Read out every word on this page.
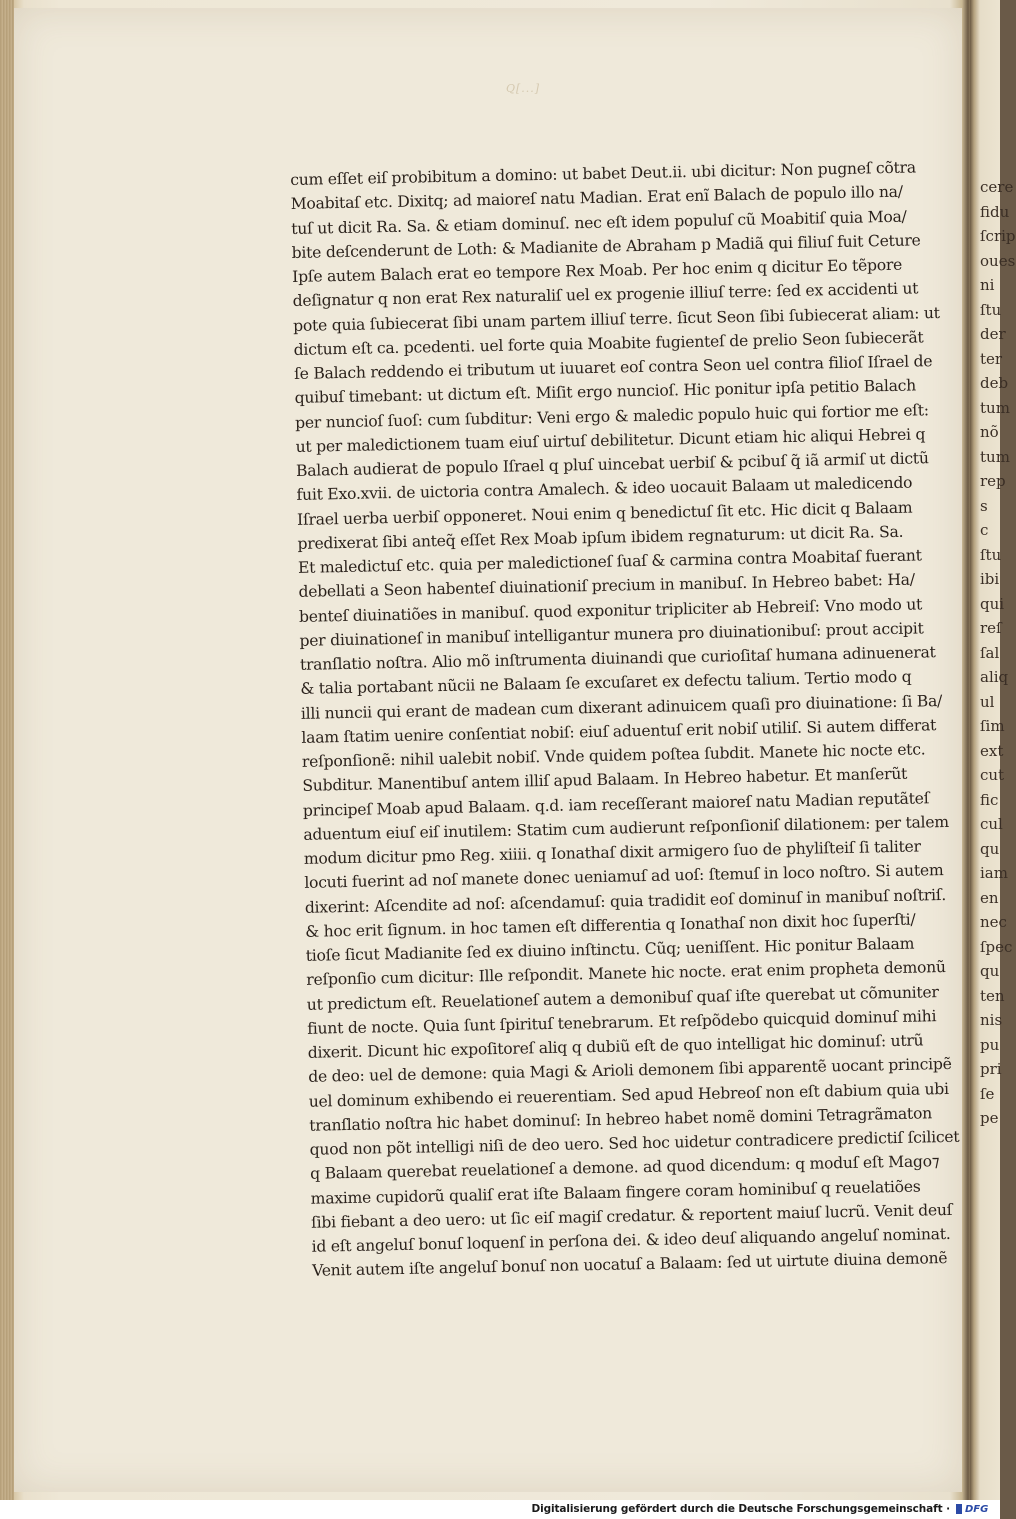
Q[...]
cum eſſet eiſ probibitum a domino: ut babet Deut.ii. ubi dicitur: Non pugneſ cõtra
Moabitaſ etc. Dixitq; ad maioreſ natu Madian. Erat enĩ Balach de populo illo na/
tuſ ut dicit Ra. Sa. & etiam dominuſ. nec eſt idem populuſ cũ Moabitiſ quia Moa/
bite deſcenderunt de Loth: & Madianite de Abraham p Madiã qui filiuſ fuit Ceture
Ipſe autem Balach erat eo tempore Rex Moab. Per hoc enim q dicitur Eo tẽpore
deſignatur q non erat Rex naturaliſ uel ex progenie illiuſ terre: ſed ex accidenti ut
pote quia ſubiecerat ſibi unam partem illiuſ terre. ſicut Seon ſibi ſubiecerat aliam: ut
dictum eſt ca. pcedenti. uel forte quia Moabite fugienteſ de prelio Seon ſubiecerãt
ſe Balach reddendo ei tributum ut iuuaret eoſ contra Seon uel contra filioſ Iſrael de
quibuſ timebant: ut dictum eſt. Miſit ergo nuncioſ. Hic ponitur ipſa petitio Balach
per nuncioſ ſuoſ: cum ſubditur: Veni ergo & maledic populo huic qui fortior me eſt:
ut per maledictionem tuam eiuſ uirtuſ debilitetur. Dicunt etiam hic aliqui Hebrei q
Balach audierat de populo Iſrael q pluſ uincebat uerbiſ & pcibuſ q̃ iã armiſ ut dictũ
fuit Exo.xvii. de uictoria contra Amalech. & ideo uocauit Balaam ut maledicendo
Iſrael uerba uerbiſ opponeret. Noui enim q benedictuſ ſit etc. Hic dicit q Balaam
predixerat ſibi anteq̃ eſſet Rex Moab ipſum ibidem regnaturum: ut dicit Ra. Sa.
Et maledictuſ etc. quia per maledictioneſ ſuaſ & carmina contra Moabitaſ fuerant
debellati a Seon habenteſ diuinationiſ precium in manibuſ. In Hebreo babet: Ha/
benteſ diuinatiões in manibuſ. quod exponitur tripliciter ab Hebreiſ: Vno modo ut
per diuinationeſ in manibuſ intelligantur munera pro diuinationibuſ: prout accipit
tranſlatio noſtra. Alio mõ inſtrumenta diuinandi que curioſitaſ humana adinuenerat
& talia portabant nũcii ne Balaam ſe excuſaret ex defectu talium. Tertio modo q
illi nuncii qui erant de madean cum dixerant adinuicem quaſi pro diuinatione: ſi Ba/
laam ſtatim uenire conſentiat nobiſ: eiuſ aduentuſ erit nobiſ utiliſ. Si autem differat
reſponſionẽ: nihil ualebit nobiſ. Vnde quidem poſtea ſubdit. Manete hic nocte etc.
Subditur. Manentibuſ antem illiſ apud Balaam. In Hebreo habetur. Et manſerũt
principeſ Moab apud Balaam. q.d. iam receſſerant maioreſ natu Madian reputãteſ
aduentum eiuſ eiſ inutilem: Statim cum audierunt reſponſioniſ dilationem: per talem
modum dicitur pmo Reg. xiiii. q Ionathaſ dixit armigero ſuo de phyliſteiſ ſi taliter
locuti fuerint ad noſ manete donec ueniamuſ ad uoſ: ſtemuſ in loco noſtro. Si autem
dixerint: Aſcendite ad noſ: aſcendamuſ: quia tradidit eoſ dominuſ in manibuſ noſtriſ.
& hoc erit ſignum. in hoc tamen eſt differentia q Ionathaſ non dixit hoc ſuperſti/
tioſe ſicut Madianite ſed ex diuino inſtinctu. Cũq; ueniſſent. Hic ponitur Balaam
reſponſio cum dicitur: Ille reſpondit. Manete hic nocte. erat enim propheta demonũ
ut predictum eſt. Reuelationeſ autem a demonibuſ quaſ iſte querebat ut cõmuniter
fiunt de nocte. Quia ſunt ſpirituſ tenebrarum. Et reſpõdebo quicquid dominuſ mihi
dixerit. Dicunt hic expoſitoreſ aliq q dubiũ eſt de quo intelligat hic dominuſ: utrũ
de deo: uel de demone: quia Magi & Arioli demonem ſibi apparentẽ uocant principẽ
uel dominum exhibendo ei reuerentiam. Sed apud Hebreoſ non eſt dabium quia ubi
tranſlatio noſtra hic habet dominuſ: In hebreo habet nomẽ domini Tetragrãmaton
quod non põt intelligi niſi de deo uero. Sed hoc uidetur contradicere predictiſ ſcilicet
q Balaam querebat reuelationeſ a demone. ad quod dicendum: q moduſ eſt Mago⁊
maxime cupidorũ qualiſ erat iſte Balaam fingere coram hominibuſ q reuelatiões
ſibi fiebant a deo uero: ut ſic eiſ magiſ credatur. & reportent maiuſ lucrũ. Venit deuſ
id eſt angeluſ bonuſ loquenſ in perſona dei. & ideo deuſ aliquando angeluſ nominat.
Venit autem iſte angeluſ bonuſ non uocatuſ a Balaam: ſed ut uirtute diuina demonẽ
cere
fidu
ſcrip
oues
ni
ſtu
der
ter
deb
tum
nõ
tum
rep
s
c
ſtu
ibi
qui
reſ
ſal
aliq
ul
ſim
ext
cut
fic
cul
qu
iam
en
nec
ſpec
qu
ten
nis
pu
pri
ſe
pe
Digitalisierung gefördert durch die Deutsche Forschungsgemeinschaft · DFG
